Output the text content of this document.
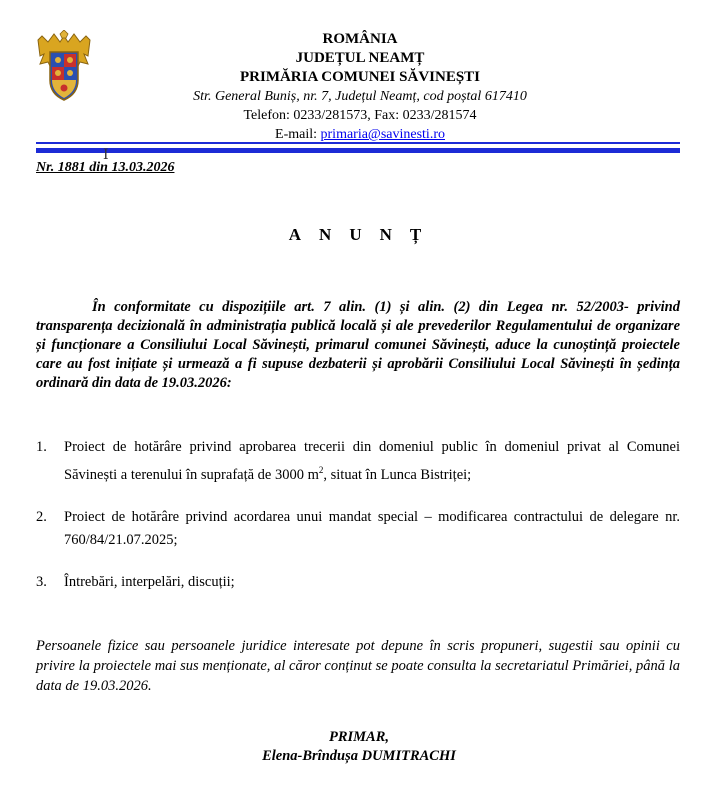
ROMÂNIA
JUDEȚUL NEAMȚ
PRIMĂRIA COMUNEI SĂVINEȘTI
Str. General Buniș, nr. 7, Județul Neamț, cod poștal 617410
Telefon: 0233/281573, Fax: 0233/281574
E-mail: primaria@savinesti.ro
Ⅰ
Nr. 1881 din 13.03.2026
ANUNȚ

În conformitate cu dispozițiile art. 7 alin. (1) și alin. (2) din Legea nr. 52/2003- privind transparența decizională în administrația publică locală și ale prevederilor Regulamentului de organizare și funcționare a Consiliului Local Săvinești, primarul comunei Săvinești, aduce la cunoștință proiectele care au fost inițiate și urmează a fi supuse dezbaterii și aprobării Consiliului Local Săvinești în ședința ordinară din data de 19.03.2026:

1.	Proiect de hotărâre privind aprobarea trecerii din domeniul public în domeniul privat al Comunei Săvinești a terenului în suprafață de 3000 $m^2$, situat în Lunca Bistriței;
2.	Proiect de hotărâre privind acordarea unui mandat special – modificarea contractului de delegare nr. 760/84/21.07.2025;
3.	Întrebări, interpelări, discuții;

Persoanele fizice sau persoanele juridice interesate pot depune în scris propuneri, sugestii sau opinii cu privire la proiectele mai sus menționate, al căror conținut se poate consulta la secretariatul Primăriei, până la data de 19.03.2026.

PRIMAR,
Elena-Brîndușa DUMITRACHI
